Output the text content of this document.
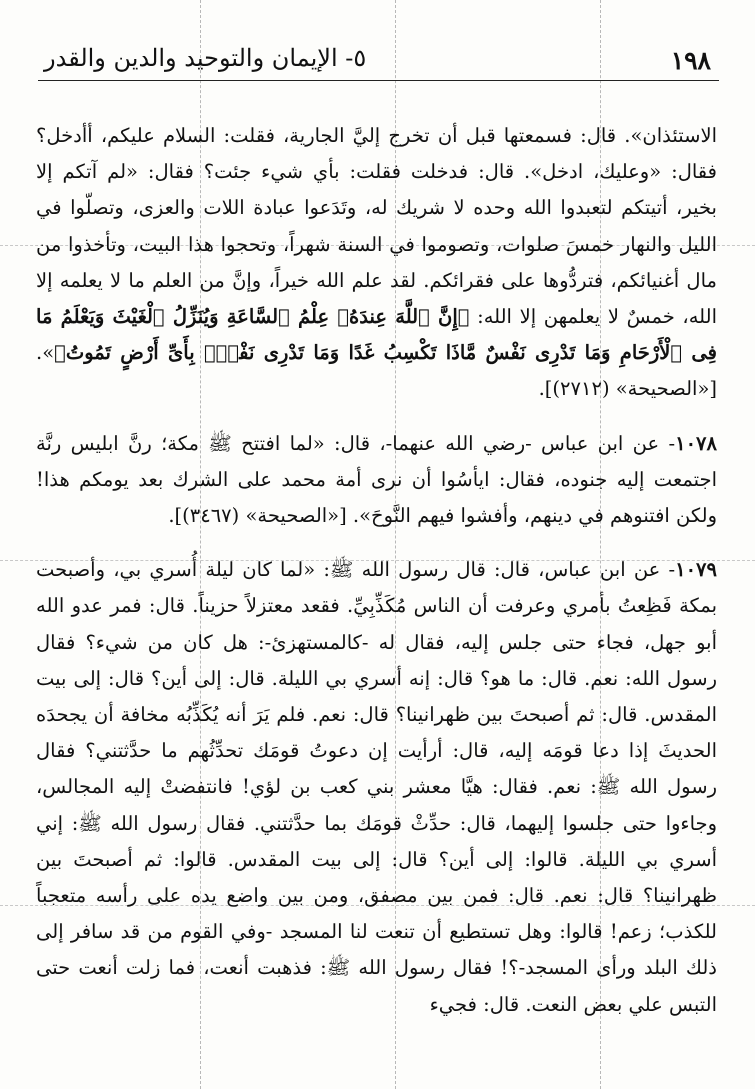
١٩٨
٥- الإيمان والتوحيد والدين والقدر

الاستئذان». قال: فسمعتها قبل أن تخرج إليَّ الجارية، فقلت: السلام عليكم، أأدخل؟ فقال: «وعليك، ادخل». قال: فدخلت فقلت: بأي شيء جئت؟ فقال: «لم آتكم إلا بخير، أتيتكم لتعبدوا الله وحده لا شريك له، وتَدَعوا عبادة اللات والعزى، وتصلّوا في الليل والنهار خمسَ صلوات، وتصوموا في السنة شهراً، وتحجوا هذا البيت، وتأخذوا من مال أغنيائكم، فتردُّوها على فقرائكم. لقد علم الله خيراً، وإنَّ من العلم ما لا يعلمه إلا الله، خمسٌ لا يعلمهن إلا الله: ﴿إِنَّ ٱللَّهَ عِندَهُۥ عِلْمُ ٱلسَّاعَةِ وَيُنَزِّلُ ٱلْغَيْثَ وَيَعْلَمُ مَا فِى ٱلْأَرْحَامِ وَمَا تَدْرِى نَفْسٌ مَّاذَا تَكْسِبُ غَدًا وَمَا تَدْرِى نَفْسٌۢ بِأَىِّ أَرْضٍ تَمُوتُ﴾». [«الصحيحة» (٢٧١٢)].

١٠٧٨- عن ابن عباس -رضي الله عنهما-، قال: «لما افتتح ﷺ مكة؛ رنَّ ابليس رنَّة اجتمعت إليه جنوده، فقال: ايأسُوا أن نرى أمة محمد على الشرك بعد يومكم هذا! ولكن افتنوهم في دينهم، وأفشوا فيهم النَّوحَ». [«الصحيحة» (٣٤٦٧)].

١٠٧٩- عن ابن عباس، قال: قال رسول الله ﷺ: «لما كان ليلة أُسري بي، وأصبحت بمكة فَظِعتُ بأمري وعرفت أن الناس مُكَذِّبِيِّ. فقعد معتزلاً حزيناً. قال: فمر عدو الله أبو جهل، فجاء حتى جلس إليه، فقال له -كالمستهزئ-: هل كان من شيء؟ فقال رسول الله: نعم. قال: ما هو؟ قال: إنه أسري بي الليلة. قال: إلى أين؟ قال: إلى بيت المقدس. قال: ثم أصبحتَ بين ظهرانينا؟ قال: نعم. فلم يَرَ أنه يُكَذِّبُه مخافة أن يجحدَه الحديثَ إذا دعا قومَه إليه، قال: أرأيت إن دعوتُ قومَك تحدِّثُهم ما حدَّثتني؟ فقال رسول الله ﷺ: نعم. فقال: هيَّا معشر بني كعب بن لؤي! فانتفضتْ إليه المجالس، وجاءوا حتى جلسوا إليهما، قال: حدِّثْ قومَك بما حدَّثتني. فقال رسول الله ﷺ: إني أسري بي الليلة. قالوا: إلى أين؟ قال: إلى بيت المقدس. قالوا: ثم أصبحتَ بين ظهرانينا؟ قال: نعم. قال: فمن بين مصفق، ومن بين واضع يده على رأسه متعجباً للكذب؛ زعم! قالوا: وهل تستطيع أن تنعت لنا المسجد -وفي القوم من قد سافر إلى ذلك البلد ورأى المسجد-؟! فقال رسول الله ﷺ: فذهبت أنعت، فما زلت أنعت حتى التبس علي بعض النعت. قال: فجيء
